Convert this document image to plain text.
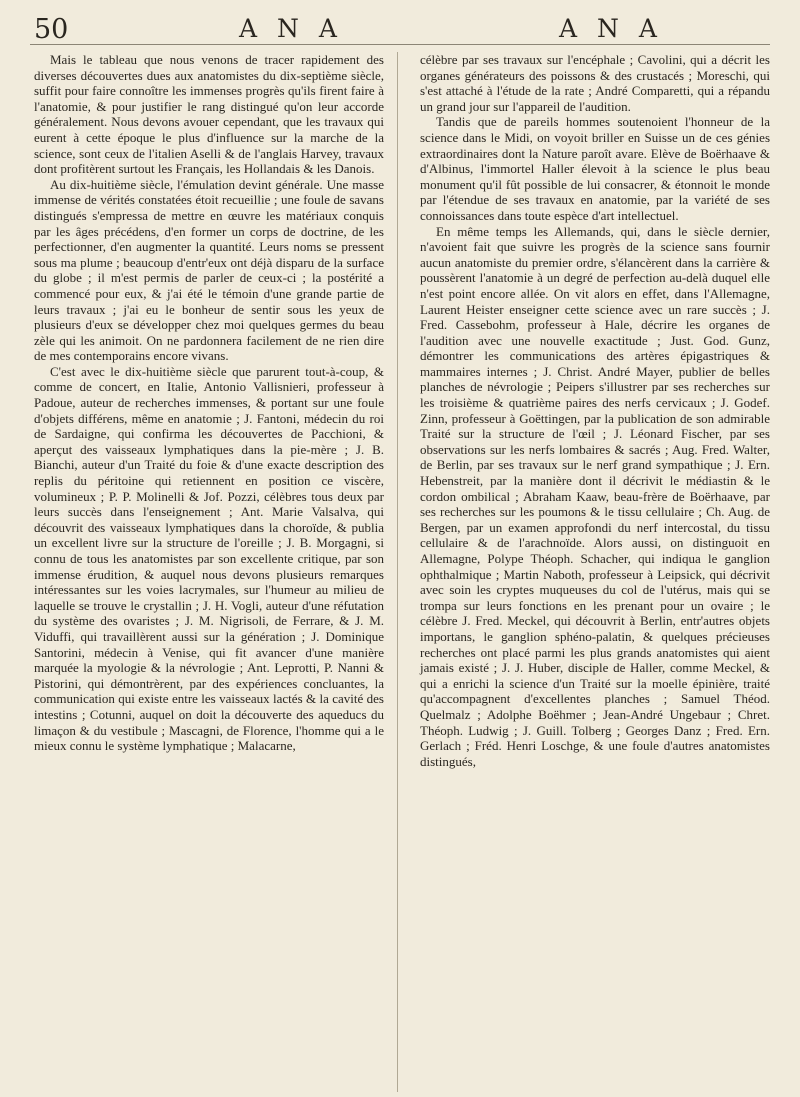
50	A N A	A N A

Mais le tableau que nous venons de tracer rapidement des diverses découvertes dues aux anatomistes du dix-septième siècle, suffit pour faire connoître les immenses progrès qu'ils firent faire à l'anatomie, & pour justifier le rang distingué qu'on leur accorde généralement. Nous devons avouer cependant, que les travaux qui eurent à cette époque le plus d'influence sur la marche de la science, sont ceux de l'italien Aselli & de l'anglais Harvey, travaux dont profitèrent surtout les Français, les Hollandais & les Danois.

Au dix-huitième siècle, l'émulation devint générale. Une masse immense de vérités constatées étoit recueillie ; une foule de savans distingués s'empressa de mettre en œuvre les matériaux conquis par les âges précédens, d'en former un corps de doctrine, de les perfectionner, d'en augmenter la quantité. Leurs noms se pressent sous ma plume ; beaucoup d'entr'eux ont déjà disparu de la surface du globe ; il m'est permis de parler de ceux-ci ; la postérité a commencé pour eux, & j'ai été le témoin d'une grande partie de leurs travaux ; j'ai eu le bonheur de sentir sous les yeux de plusieurs d'eux se développer chez moi quelques germes du beau zèle qui les animoit. On ne pardonnera facilement de ne rien dire de mes contemporains encore vivans.

C'est avec le dix-huitième siècle que parurent tout-à-coup, & comme de concert, en Italie, Antonio Vallisnieri, professeur à Padoue, auteur de recherches immenses, & portant sur une foule d'objets différens, même en anatomie ; J. Fantoni, médecin du roi de Sardaigne, qui confirma les découvertes de Pacchioni, & aperçut des vaisseaux lymphatiques dans la pie-mère ; J. B. Bianchi, auteur d'un Traité du foie & d'une exacte description des replis du péritoine qui retiennent en position ce viscère, volumineux ; P. P. Molinelli & Jof. Pozzi, célèbres tous deux par leurs succès dans l'enseignement ; Ant. Marie Valsalva, qui découvrit des vaisseaux lymphatiques dans la choroïde, & publia un excellent livre sur la structure de l'oreille ; J. B. Morgagni, si connu de tous les anatomistes par son excellente critique, par son immense érudition, & auquel nous devons plusieurs remarques intéressantes sur les voies lacrymales, sur l'humeur au milieu de laquelle se trouve le crystallin ; J. H. Vogli, auteur d'une réfutation du système des ovaristes ; J. M. Nigrisoli, de Ferrare, & J. M. Viduffi, qui travaillèrent aussi sur la génération ; J. Dominique Santorini, médecin à Venise, qui fit avancer d'une manière marquée la myologie & la névrologie ; Ant. Leprotti, P. Nanni & Pistorini, qui démontrèrent, par des expériences concluantes, la communication qui existe entre les vaisseaux lactés & la cavité des intestins ; Cotunni, auquel on doit la découverte des aqueducs du limaçon & du vestibule ; Mascagni, de Florence, l'homme qui a le mieux connu le système lymphatique ; Malacarne,

célèbre par ses travaux sur l'encéphale ; Cavolini, qui a décrit les organes générateurs des poissons & des crustacés ; Moreschi, qui s'est attaché à l'étude de la rate ; André Comparetti, qui a répandu un grand jour sur l'appareil de l'audition.

Tandis que de pareils hommes soutenoient l'honneur de la science dans le Midi, on voyoit briller en Suisse un de ces génies extraordinaires dont la Nature paroît avare. Elève de Boërhaave & d'Albinus, l'immortel Haller élevoit à la science le plus beau monument qu'il fût possible de lui consacrer, & étonnoit le monde par l'étendue de ses travaux en anatomie, par la variété de ses connoissances dans toute espèce d'art intellectuel.

En même temps les Allemands, qui, dans le siècle dernier, n'avoient fait que suivre les progrès de la science sans fournir aucun anatomiste du premier ordre, s'élancèrent dans la carrière & poussèrent l'anatomie à un degré de perfection au-delà duquel elle n'est point encore allée. On vit alors en effet, dans l'Allemagne, Laurent Heister enseigner cette science avec un rare succès ; J. Fred. Cassebohm, professeur à Hale, décrire les organes de l'audition avec une nouvelle exactitude ; Just. God. Gunz, démontrer les communications des artères épigastriques & mammaires internes ; J. Christ. André Mayer, publier de belles planches de névrologie ; Peipers s'illustrer par ses recherches sur les troisième & quatrième paires des nerfs cervicaux ; J. Godef. Zinn, professeur à Goëttingen, par la publication de son admirable Traité sur la structure de l'œil ; J. Léonard Fischer, par ses observations sur les nerfs lombaires & sacrés ; Aug. Fred. Walter, de Berlin, par ses travaux sur le nerf grand sympathique ; J. Ern. Hebenstreit, par la manière dont il décrivit le médiastin & le cordon ombilical ; Abraham Kaaw, beau-frère de Boërhaave, par ses recherches sur les poumons & le tissu cellulaire ; Ch. Aug. de Bergen, par un examen approfondi du nerf intercostal, du tissu cellulaire & de l'arachnoïde. Alors aussi, on distinguoit en Allemagne, Polype Théoph. Schacher, qui indiqua le ganglion ophthalmique ; Martin Naboth, professeur à Leipsick, qui décrivit avec soin les cryptes muqueuses du col de l'utérus, mais qui se trompa sur leurs fonctions en les prenant pour un ovaire ; le célèbre J. Fred. Meckel, qui découvrit à Berlin, entr'autres objets importans, le ganglion sphéno-palatin, & quelques précieuses recherches ont placé parmi les plus grands anatomistes qui aient jamais existé ; J. J. Huber, disciple de Haller, comme Meckel, & qui a enrichi la science d'un Traité sur la moelle épinière, traité qu'accompagnent d'excellentes planches ; Samuel Théod. Quelmalz ; Adolphe Boëhmer ; Jean-André Ungebaur ; Chret. Théoph. Ludwig ; J. Guill. Tolberg ; Georges Danz ; Fred. Ern. Gerlach ; Fréd. Henri Loschge, & une foule d'autres anatomistes distingués,
